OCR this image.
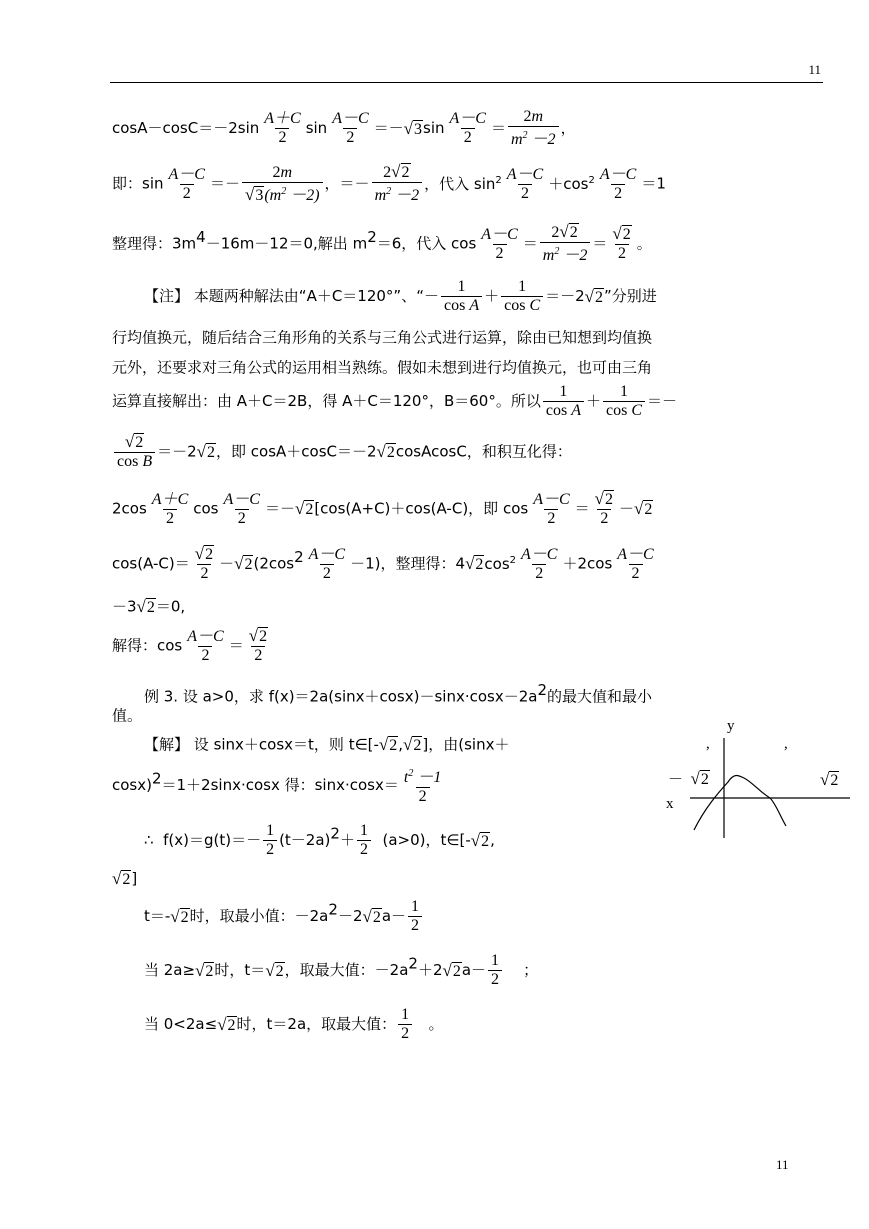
11
$\cos A-\cos C=-2\sin \frac{A+C}{2}$ $\sin \frac{A-C}{2} =-√3\sin \frac{A-C}{2} = \frac{2m}{m^2 -2}$ ，
即：$\sin \frac{A-C}{2} =- \frac{2m}{√3(m^2 -2)}$ ，＝－ $\frac{2√2}{m^2 -2}$ ，代入 $\sin^2 \frac{A-C}{2} +\cos^2 \frac{A-C}{2} =1$
整理得：3m4－16m－12＝0,解出 m2＝6，代入 $\cos \frac{A-C}{2} = \frac{2√2}{m^2 -2} = \frac{√2}{2}$ 。
【注】 本题两种解法由“A＋C＝120°”、“－ $\frac{1}{\text{cos A}} + \frac{1}{\text{cos C}} =-2√2$”分别进
行均值换元，随后结合三角形角的关系与三角公式进行运算，除由已知想到均值换
元外，还要求对三角公式的运用相当熟练。假如未想到进行均值换元，也可由三角
运算直接解出：由 A＋C＝2B，得 A＋C＝120°，B＝60°。所以 $\frac{1}{\text{cos A}} + \frac{1}{\text{cos C}}$ ＝－
$\frac{√2}{\text{cos B}} =-2√2$，即 cosA＋cosC＝－2√2cosAcosC，和积互化得：
$2\cos \frac{A+C}{2}$ $\cos \frac{A-C}{2} =-√2[\cos(A+C)+\cos(A-C)$，即 $\cos \frac{A-C}{2} = \frac{√2}{2} -√2$
$\cos(A-C)= \frac{√2}{2} -√2(2\cos 2 \frac{A-C}{2} -1)$，整理得：$4√2\cos^2 \frac{A-C}{2} +2\cos \frac{A-C}{2}$
－3√2＝0,
解得：$\cos \frac{A-C}{2} = \frac{√2}{2}$
例 3. 设 a>0，求 f(x)＝2a(sinx＋cosx)－sinx·cosx－2a2的最大值和最小
值。
【解】 设 sinx＋cosx＝t，则 t∈[-√2,√2]，由(sinx＋
cosx)2＝1＋2sinx·cosx 得：$\sin x\cdot\cos x= \frac{t^2 -1}{2}$
∴ $f(x)=g(t)=- \frac{1}{2} (t-2a)2+ \frac{1}{2} (a>0)$，t∈[-√2,
√2]
t＝-√2时，取最小值：$-2a2-2√2a- \frac{1}{2}$
当 2a≥√2时，t＝√2，取最大值：$-2a2+2√2a- \frac{1}{2}$ ；
当 0<2a≤√2时，t＝2a，取最大值： $\frac{1}{2}$ 。
y
,	,
－ √2	√2
x
11
